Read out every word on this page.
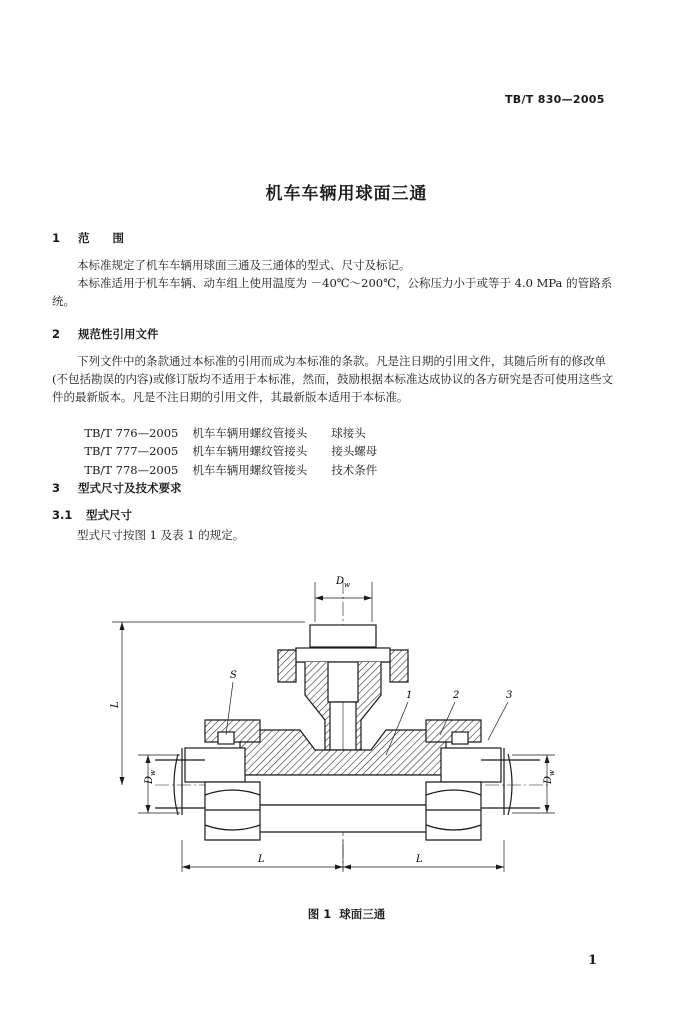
TB/T 830—2005
机车车辆用球面三通
1 范　　围
本标准规定了机车车辆用球面三通及三通体的型式、尺寸及标记。
本标准适用于机车车辆、动车组上使用温度为 －40℃～200℃，公称压力小于或等于 4.0 MPa 的管路系统。
2 规范性引用文件
下列文件中的条款通过本标准的引用而成为本标准的条款。凡是注日期的引用文件，其随后所有的修改单(不包括勘误的内容)或修订版均不适用于本标准，然而，鼓励根据本标准达成协议的各方研究是否可使用这些文件的最新版本。凡是不注日期的引用文件，其最新版本适用于本标准。

TB/T 776—2005 机车车辆用螺纹管接头 球接头

TB/T 777—2005 机车车辆用螺纹管接头 接头螺母

TB/T 778—2005 机车车辆用螺纹管接头 技术条件

3 型式尺寸及技术要求
3.1 型式尺寸
型式尺寸按图 1 及表 1 的规定。
$D_w$
$D_w$
$D_w$
L
L	L
S
1	2	3
图 1 球面三通
1
